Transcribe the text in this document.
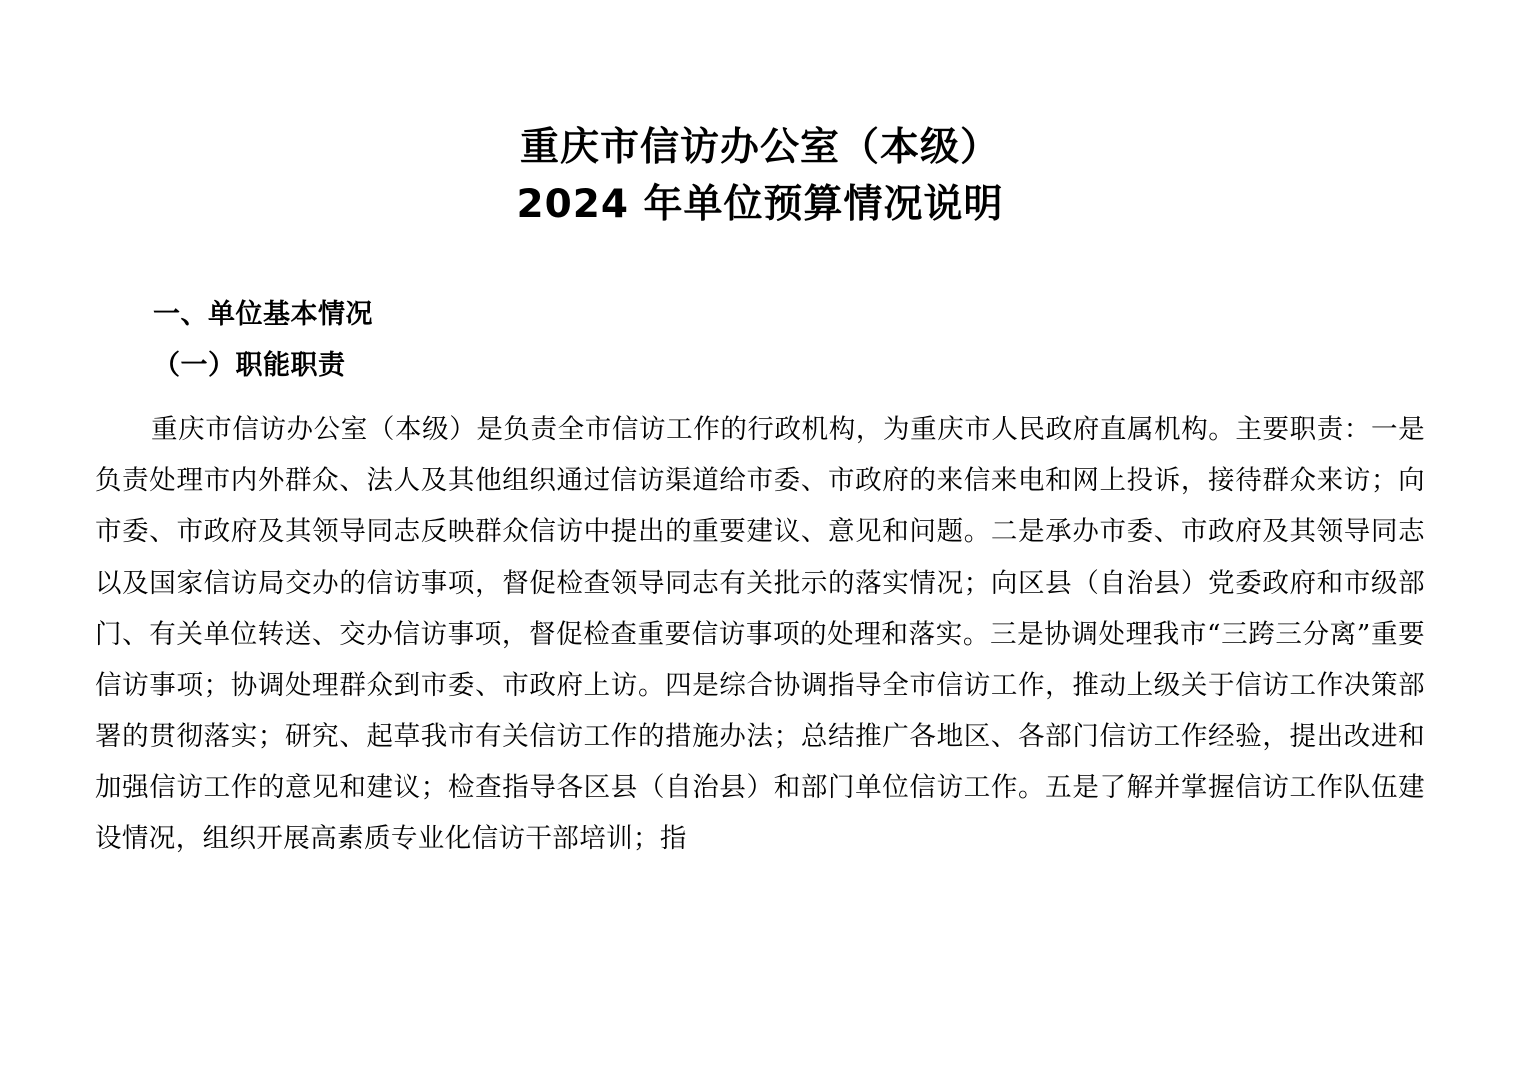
重庆市信访办公室（本级）
2024 年单位预算情况说明
一、单位基本情况
（一）职能职责

重庆市信访办公室（本级）是负责全市信访工作的行政机构，为重庆市人民政府直属机构。主要职责：一是负责处理市内外群众、法人及其他组织通过信访渠道给市委、市政府的来信来电和网上投诉，接待群众来访；向市委、市政府及其领导同志反映群众信访中提出的重要建议、意见和问题。二是承办市委、市政府及其领导同志以及国家信访局交办的信访事项，督促检查领导同志有关批示的落实情况；向区县（自治县）党委政府和市级部门、有关单位转送、交办信访事项，督促检查重要信访事项的处理和落实。三是协调处理我市“三跨三分离”重要信访事项；协调处理群众到市委、市政府上访。四是综合协调指导全市信访工作，推动上级关于信访工作决策部署的贯彻落实；研究、起草我市有关信访工作的措施办法；总结推广各地区、各部门信访工作经验，提出改进和加强信访工作的意见和建议；检查指导各区县（自治县）和部门单位信访工作。五是了解并掌握信访工作队伍建设情况，组织开展高素质专业化信访干部培训；指
